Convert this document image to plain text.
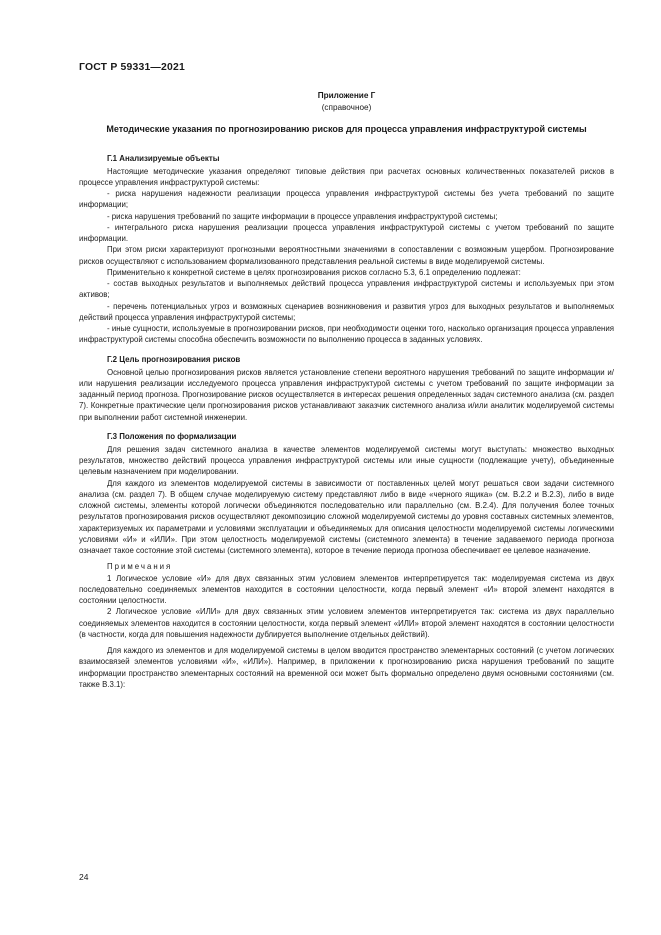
ГОСТ Р 59331—2021
Приложение Г
(справочное)
Методические указания по прогнозированию рисков для процесса управления инфраструктурой системы
Г.1 Анализируемые объекты

Настоящие методические указания определяют типовые действия при расчетах основных количественных показателей рисков в процессе управления инфраструктурой системы:

- риска нарушения надежности реализации процесса управления инфраструктурой системы без учета требований по защите информации;

- риска нарушения требований по защите информации в процессе управления инфраструктурой системы;

- интегрального риска нарушения реализации процесса управления инфраструктурой системы с учетом требований по защите информации.

При этом риски характеризуют прогнозными вероятностными значениями в сопоставлении с возможным ущербом. Прогнозирование рисков осуществляют с использованием формализованного представления реальной системы в виде моделируемой системы.

Применительно к конкретной системе в целях прогнозирования рисков согласно 5.3, 6.1 определению подлежат:

- состав выходных результатов и выполняемых действий процесса управления инфраструктурой системы и используемых при этом активов;

- перечень потенциальных угроз и возможных сценариев возникновения и развития угроз для выходных результатов и выполняемых действий процесса управления инфраструктурой системы;

- иные сущности, используемые в прогнозировании рисков, при необходимости оценки того, насколько организация процесса управления инфраструктурой системы способна обеспечить возможности по выполнению процесса в заданных условиях.

Г.2 Цель прогнозирования рисков

Основной целью прогнозирования рисков является установление степени вероятного нарушения требований по защите информации и/или нарушения реализации исследуемого процесса управления инфраструктурой системы с учетом требований по защите информации за заданный период прогноза. Прогнозирование рисков осуществляется в интересах решения определенных задач системного анализа (см. раздел 7). Конкретные практические цели прогнозирования рисков устанавливают заказчик системного анализа и/или аналитик моделируемой системы при выполнении работ системной инженерии.

Г.3 Положения по формализации

Для решения задач системного анализа в качестве элементов моделируемой системы могут выступать: множество выходных результатов, множество действий процесса управления инфраструктурой системы или иные сущности (подлежащие учету), объединенные целевым назначением при моделировании.

Для каждого из элементов моделируемой системы в зависимости от поставленных целей могут решаться свои задачи системного анализа (см. раздел 7). В общем случае моделируемую систему представляют либо в виде «черного ящика» (см. В.2.2 и В.2.3), либо в виде сложной системы, элементы которой логически объединяются последовательно или параллельно (см. В.2.4). Для получения более точных результатов прогнозирования рисков осуществляют декомпозицию сложной моделируемой системы до уровня составных системных элементов, характеризуемых их параметрами и условиями эксплуатации и объединяемых для описания целостности моделируемой системы логическими условиями «И» и «ИЛИ». При этом целостность моделируемой системы (системного элемента) в течение задаваемого периода прогноза означает такое состояние этой системы (системного элемента), которое в течение периода прогноза обеспечивает ее целевое назначение.

Примечания

1 Логическое условие «И» для двух связанных этим условием элементов интерпретируется так: моделируемая система из двух последовательно соединяемых элементов находится в состоянии целостности, когда первый элемент «И» второй элемент находятся в состоянии целостности.

2 Логическое условие «ИЛИ» для двух связанных этим условием элементов интерпретируется так: система из двух параллельно соединяемых элементов находится в состоянии целостности, когда первый элемент «ИЛИ» второй элемент находятся в состоянии целостности (в частности, когда для повышения надежности дублируется выполнение отдельных действий).

Для каждого из элементов и для моделируемой системы в целом вводится пространство элементарных состояний (с учетом логических взаимосвязей элементов условиями «И», «ИЛИ»). Например, в приложении к прогнозированию риска нарушения требований по защите информации пространство элементарных состояний на временной оси может быть формально определено двумя основными состояниями (см. также В.3.1):

24
